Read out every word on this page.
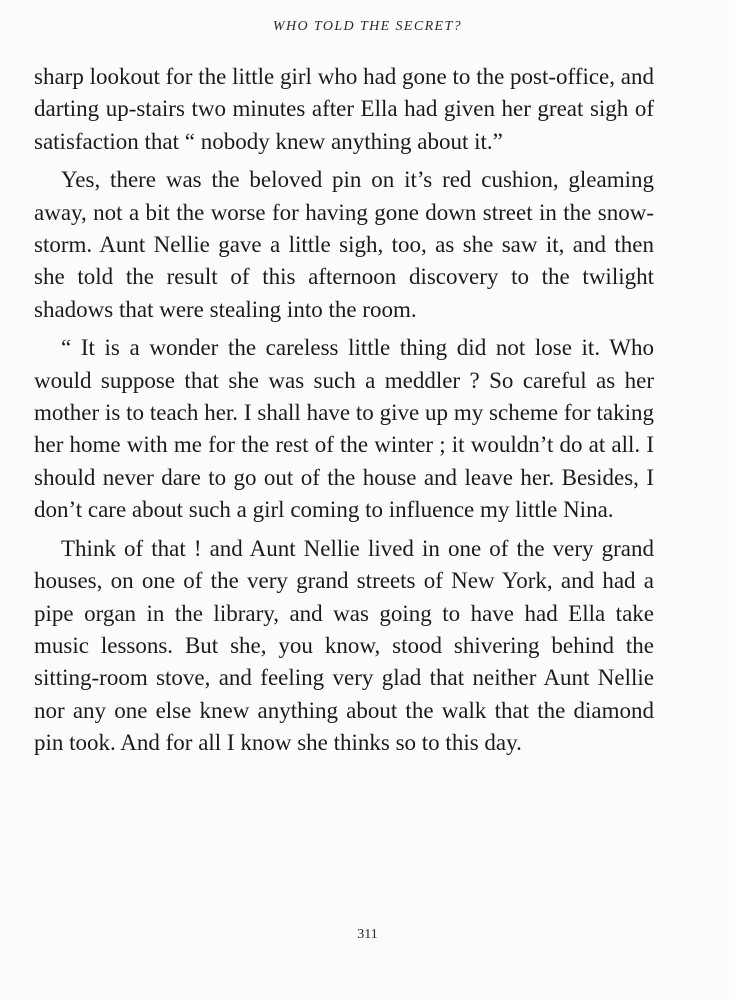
WHO TOLD THE SECRET?

sharp lookout for the little girl who had gone to the post-office, and darting up-stairs two minutes after Ella had given her great sigh of satisfaction that “ nobody knew anything about it.”

Yes, there was the beloved pin on it’s red cushion, gleaming away, not a bit the worse for having gone down street in the snow-storm. Aunt Nellie gave a little sigh, too, as she saw it, and then she told the result of this afternoon discovery to the twilight shadows that were stealing into the room.

“ It is a wonder the careless little thing did not lose it. Who would suppose that she was such a meddler ? So careful as her mother is to teach her. I shall have to give up my scheme for taking her home with me for the rest of the winter ; it wouldn’t do at all. I should never dare to go out of the house and leave her. Besides, I don’t care about such a girl coming to influence my little Nina.

Think of that ! and Aunt Nellie lived in one of the very grand houses, on one of the very grand streets of New York, and had a pipe organ in the library, and was going to have had Ella take music lessons. But she, you know, stood shivering behind the sitting-room stove, and feeling very glad that neither Aunt Nellie nor any one else knew anything about the walk that the diamond pin took. And for all I know she thinks so to this day.

311
